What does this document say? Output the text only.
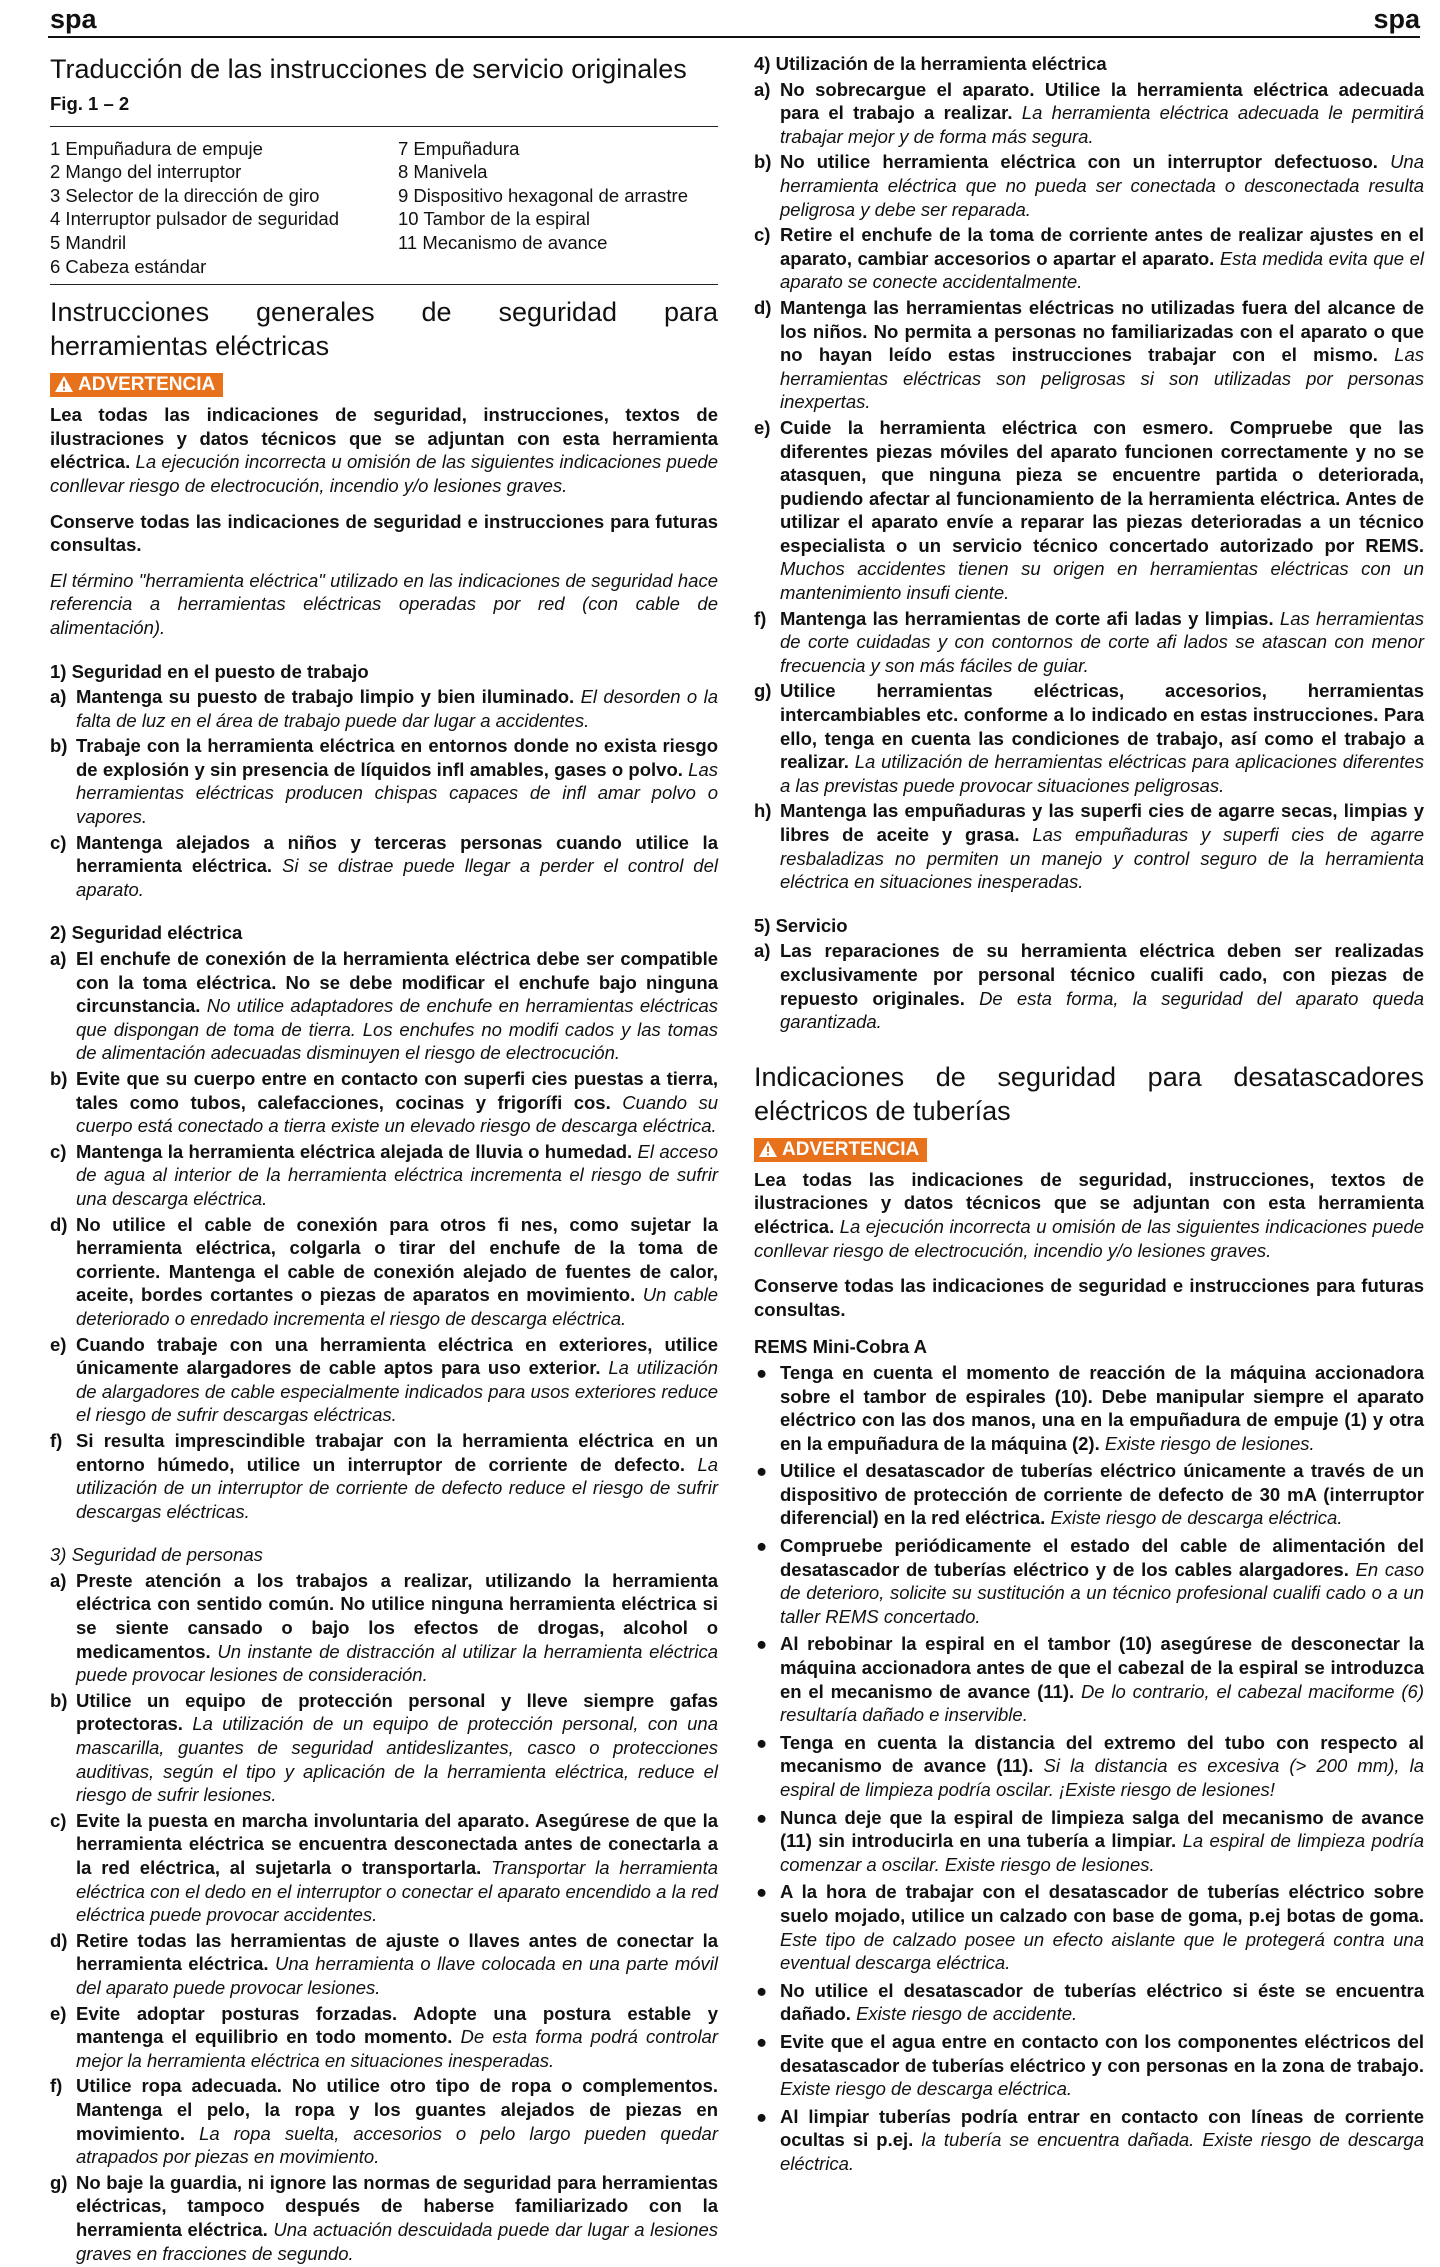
spa	spa
Traducción de las instrucciones de servicio originales
Fig. 1 – 2
1 Empuñadura de empuje
2 Mango del interruptor
3 Selector de la dirección de giro
4 Interruptor pulsador de seguridad
5 Mandril
6 Cabeza estándar
7 Empuñadura
8 Manivela
9 Dispositivo hexagonal de arrastre
10 Tambor de la espiral
11 Mecanismo de avance
Instrucciones generales de seguridad para herramientas eléctricas
ADVERTENCIA
Lea todas las indicaciones de seguridad, instrucciones, textos de ilustraciones y datos técnicos que se adjuntan con esta herramienta eléctrica. La ejecución incorrecta u omisión de las siguientes indicaciones puede conllevar riesgo de electrocución, incendio y/o lesiones graves.
Conserve todas las indicaciones de seguridad e instrucciones para futuras consultas.
El término "herramienta eléctrica" utilizado en las indicaciones de seguridad hace referencia a herramientas eléctricas operadas por red (con cable de alimentación).
1) Seguridad en el puesto de trabajo
a) Mantenga su puesto de trabajo limpio y bien iluminado. El desorden o la falta de luz en el área de trabajo puede dar lugar a accidentes.
b) Trabaje con la herramienta eléctrica en entornos donde no exista riesgo de explosión y sin presencia de líquidos infl amables, gases o polvo. Las herramientas eléctricas producen chispas capaces de infl amar polvo o vapores.
c) Mantenga alejados a niños y terceras personas cuando utilice la herramienta eléctrica. Si se distrae puede llegar a perder el control del aparato.
2) Seguridad eléctrica
a) El enchufe de conexión de la herramienta eléctrica debe ser compatible con la toma eléctrica. No se debe modificar el enchufe bajo ninguna circunstancia. No utilice adaptadores de enchufe en herramientas eléctricas que dispongan de toma de tierra. Los enchufes no modifi cados y las tomas de alimentación adecuadas disminuyen el riesgo de electrocución.
b) Evite que su cuerpo entre en contacto con superfi cies puestas a tierra, tales como tubos, calefacciones, cocinas y frigorífi cos. Cuando su cuerpo está conectado a tierra existe un elevado riesgo de descarga eléctrica.
c) Mantenga la herramienta eléctrica alejada de lluvia o humedad. El acceso de agua al interior de la herramienta eléctrica incrementa el riesgo de sufrir una descarga eléctrica.
d) No utilice el cable de conexión para otros fi nes, como sujetar la herramienta eléctrica, colgarla o tirar del enchufe de la toma de corriente. Mantenga el cable de conexión alejado de fuentes de calor, aceite, bordes cortantes o piezas de aparatos en movimiento. Un cable deteriorado o enredado incrementa el riesgo de descarga eléctrica.
e) Cuando trabaje con una herramienta eléctrica en exteriores, utilice únicamente alargadores de cable aptos para uso exterior. La utilización de alargadores de cable especialmente indicados para usos exteriores reduce el riesgo de sufrir descargas eléctricas.
f) Si resulta imprescindible trabajar con la herramienta eléctrica en un entorno húmedo, utilice un interruptor de corriente de defecto. La utilización de un interruptor de corriente de defecto reduce el riesgo de sufrir descargas eléctricas.
3) Seguridad de personas
a) Preste atención a los trabajos a realizar, utilizando la herramienta eléctrica con sentido común. No utilice ninguna herramienta eléctrica si se siente cansado o bajo los efectos de drogas, alcohol o medicamentos. Un instante de distracción al utilizar la herramienta eléctrica puede provocar lesiones de consideración.
b) Utilice un equipo de protección personal y lleve siempre gafas protectoras. La utilización de un equipo de protección personal, con una mascarilla, guantes de seguridad antideslizantes, casco o protecciones auditivas, según el tipo y aplicación de la herramienta eléctrica, reduce el riesgo de sufrir lesiones.
c) Evite la puesta en marcha involuntaria del aparato. Asegúrese de que la herramienta eléctrica se encuentra desconectada antes de conectarla a la red eléctrica, al sujetarla o transportarla. Transportar la herramienta eléctrica con el dedo en el interruptor o conectar el aparato encendido a la red eléctrica puede provocar accidentes.
d) Retire todas las herramientas de ajuste o llaves antes de conectar la herramienta eléctrica. Una herramienta o llave colocada en una parte móvil del aparato puede provocar lesiones.
e) Evite adoptar posturas forzadas. Adopte una postura estable y mantenga el equilibrio en todo momento. De esta forma podrá controlar mejor la herramienta eléctrica en situaciones inesperadas.
f) Utilice ropa adecuada. No utilice otro tipo de ropa o complementos. Mantenga el pelo, la ropa y los guantes alejados de piezas en movimiento. La ropa suelta, accesorios o pelo largo pueden quedar atrapados por piezas en movimiento.
g) No baje la guardia, ni ignore las normas de seguridad para herramientas eléctricas, tampoco después de haberse familiarizado con la herramienta eléctrica. Una actuación descuidada puede dar lugar a lesiones graves en fracciones de segundo.
4) Utilización de la herramienta eléctrica
a) No sobrecargue el aparato. Utilice la herramienta eléctrica adecuada para el trabajo a realizar. La herramienta eléctrica adecuada le permitirá trabajar mejor y de forma más segura.
b) No utilice herramienta eléctrica con un interruptor defectuoso. Una herramienta eléctrica que no pueda ser conectada o desconectada resulta peligrosa y debe ser reparada.
c) Retire el enchufe de la toma de corriente antes de realizar ajustes en el aparato, cambiar accesorios o apartar el aparato. Esta medida evita que el aparato se conecte accidentalmente.
d) Mantenga las herramientas eléctricas no utilizadas fuera del alcance de los niños. No permita a personas no familiarizadas con el aparato o que no hayan leído estas instrucciones trabajar con el mismo. Las herramientas eléctricas son peligrosas si son utilizadas por personas inexpertas.
e) Cuide la herramienta eléctrica con esmero. Compruebe que las diferentes piezas móviles del aparato funcionen correctamente y no se atasquen, que ninguna pieza se encuentre partida o deteriorada, pudiendo afectar al funcionamiento de la herramienta eléctrica. Antes de utilizar el aparato envíe a reparar las piezas deterioradas a un técnico especialista o un servicio técnico concertado autorizado por REMS. Muchos accidentes tienen su origen en herramientas eléctricas con un mantenimiento insufi ciente.
f) Mantenga las herramientas de corte afi ladas y limpias. Las herramientas de corte cuidadas y con contornos de corte afi lados se atascan con menor frecuencia y son más fáciles de guiar.
g) Utilice herramientas eléctricas, accesorios, herramientas intercambiables etc. conforme a lo indicado en estas instrucciones. Para ello, tenga en cuenta las condiciones de trabajo, así como el trabajo a realizar. La utilización de herramientas eléctricas para aplicaciones diferentes a las previstas puede provocar situaciones peligrosas.
h) Mantenga las empuñaduras y las superfi cies de agarre secas, limpias y libres de aceite y grasa. Las empuñaduras y superfi cies de agarre resbaladizas no permiten un manejo y control seguro de la herramienta eléctrica en situaciones inesperadas.
5) Servicio
a) Las reparaciones de su herramienta eléctrica deben ser realizadas exclusivamente por personal técnico cualifi cado, con piezas de repuesto originales. De esta forma, la seguridad del aparato queda garantizada.
Indicaciones de seguridad para desatascadores eléctricos de tuberías
ADVERTENCIA
Lea todas las indicaciones de seguridad, instrucciones, textos de ilustraciones y datos técnicos que se adjuntan con esta herramienta eléctrica. La ejecución incorrecta u omisión de las siguientes indicaciones puede conllevar riesgo de electrocución, incendio y/o lesiones graves.
Conserve todas las indicaciones de seguridad e instrucciones para futuras consultas.
REMS Mini-Cobra A
● Tenga en cuenta el momento de reacción de la máquina accionadora sobre el tambor de espirales (10). Debe manipular siempre el aparato eléctrico con las dos manos, una en la empuñadura de empuje (1) y otra en la empuñadura de la máquina (2). Existe riesgo de lesiones.
● Utilice el desatascador de tuberías eléctrico únicamente a través de un dispositivo de protección de corriente de defecto de 30 mA (interruptor diferencial) en la red eléctrica. Existe riesgo de descarga eléctrica.
● Compruebe periódicamente el estado del cable de alimentación del desatascador de tuberías eléctrico y de los cables alargadores. En caso de deterioro, solicite su sustitución a un técnico profesional cualifi cado o a un taller REMS concertado.
● Al rebobinar la espiral en el tambor (10) asegúrese de desconectar la máquina accionadora antes de que el cabezal de la espiral se introduzca en el mecanismo de avance (11). De lo contrario, el cabezal maciforme (6) resultaría dañado e inservible.
● Tenga en cuenta la distancia del extremo del tubo con respecto al mecanismo de avance (11). Si la distancia es excesiva (> 200 mm), la espiral de limpieza podría oscilar. ¡Existe riesgo de lesiones!
● Nunca deje que la espiral de limpieza salga del mecanismo de avance (11) sin introducirla en una tubería a limpiar. La espiral de limpieza podría comenzar a oscilar. Existe riesgo de lesiones.
● A la hora de trabajar con el desatascador de tuberías eléctrico sobre suelo mojado, utilice un calzado con base de goma, p.ej botas de goma. Este tipo de calzado posee un efecto aislante que le protegerá contra una eventual descarga eléctrica.
● No utilice el desatascador de tuberías eléctrico si éste se encuentra dañado. Existe riesgo de accidente.
● Evite que el agua entre en contacto con los componentes eléctricos del desatascador de tuberías eléctrico y con personas en la zona de trabajo. Existe riesgo de descarga eléctrica.
● Al limpiar tuberías podría entrar en contacto con líneas de corriente ocultas si p.ej. la tubería se encuentra dañada. Existe riesgo de descarga eléctrica.
